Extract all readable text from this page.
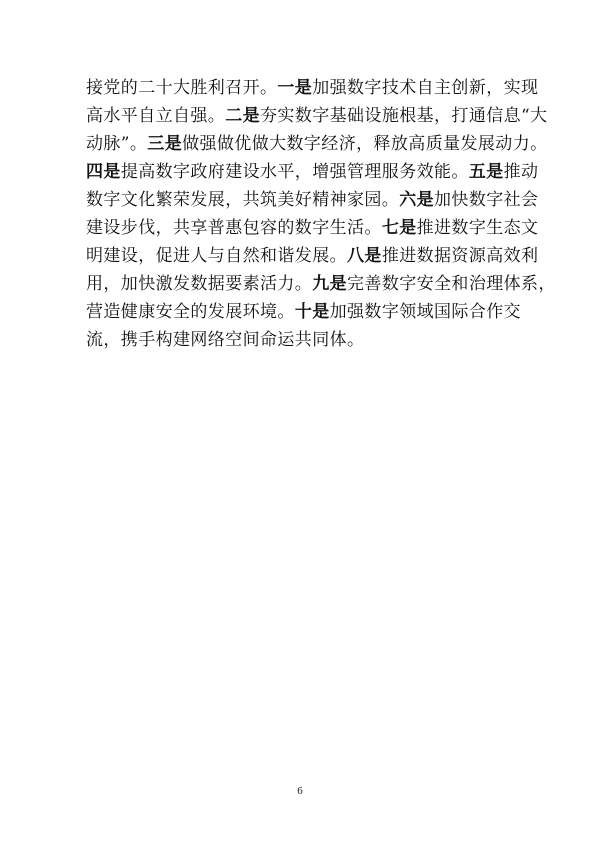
接党的二十大胜利召开。一是加强数字技术自主创新，实现
高水平自立自强。二是夯实数字基础设施根基，打通信息“大
动脉”。三是做强做优做大数字经济，释放高质量发展动力。
四是提高数字政府建设水平，增强管理服务效能。五是推动
数字文化繁荣发展，共筑美好精神家园。六是加快数字社会
建设步伐，共享普惠包容的数字生活。七是推进数字生态文
明建设，促进人与自然和谐发展。八是推进数据资源高效利
用，加快激发数据要素活力。九是完善数字安全和治理体系，
营造健康安全的发展环境。十是加强数字领域国际合作交
流，携手构建网络空间命运共同体。
6
